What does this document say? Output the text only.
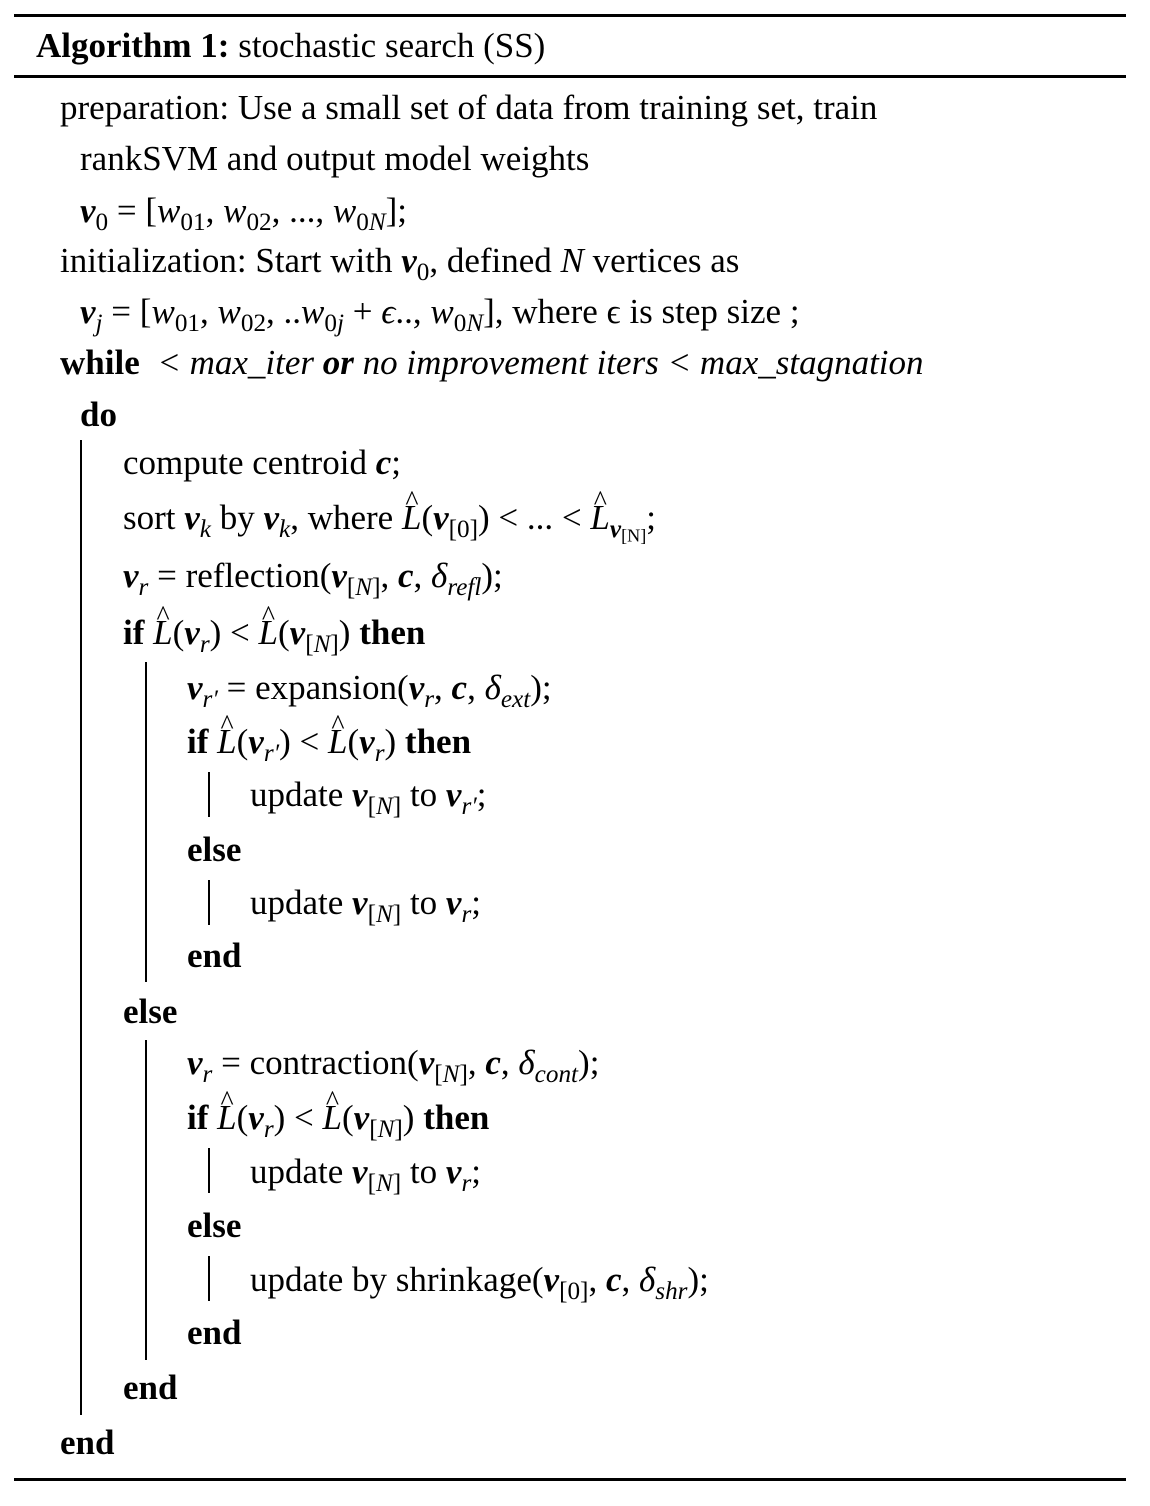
Algorithm 1: stochastic search (SS)
preparation: Use a small set of data from training set, train
rankSVM and output model weights
$v_0 = [w_{01}$, $w_{02}$, ..., $w_{0N}$];
initialization: Start with $v_0$, defined N vertices as
$v_j = [w_{01}$, $w_{02}$, $..w_{0j} + \epsilon$.., $w_{0N}$], where ϵ is step size ;
while < max_iter or no improvement iters < max_stagnation
do
compute centroid c;
sort $v_k$ by $v_k$, where ^ $L(v_{[0]})$ < ... < ^ $L_{v[N]}$;
$v_r$ = $reflection(v_{[N]}$, c, $\delta_{refl}$);
if ^ $L(v_r)$ < ^ $L(v_{[N]})$ then
$v_{r'}$ = $expansion(v_r$, c, $\delta_{ext}$);
if ^ $L(v_{r'})$ < ^ $L(v_r)$ then
update $v_{[N]}$ to $v_{r'}$;
else
update $v_{[N]}$ to $v_r$;
end
else
$v_r$ = $contraction(v_{[N]}$, c, $\delta_{cont}$);
if ^ $L(v_r)$ < ^ $L(v_{[N]})$ then
update $v_{[N]}$ to $v_r$;
else
update by $shrinkage(v_{[0]}$, c, $\delta_{shr}$);
end
end
end
